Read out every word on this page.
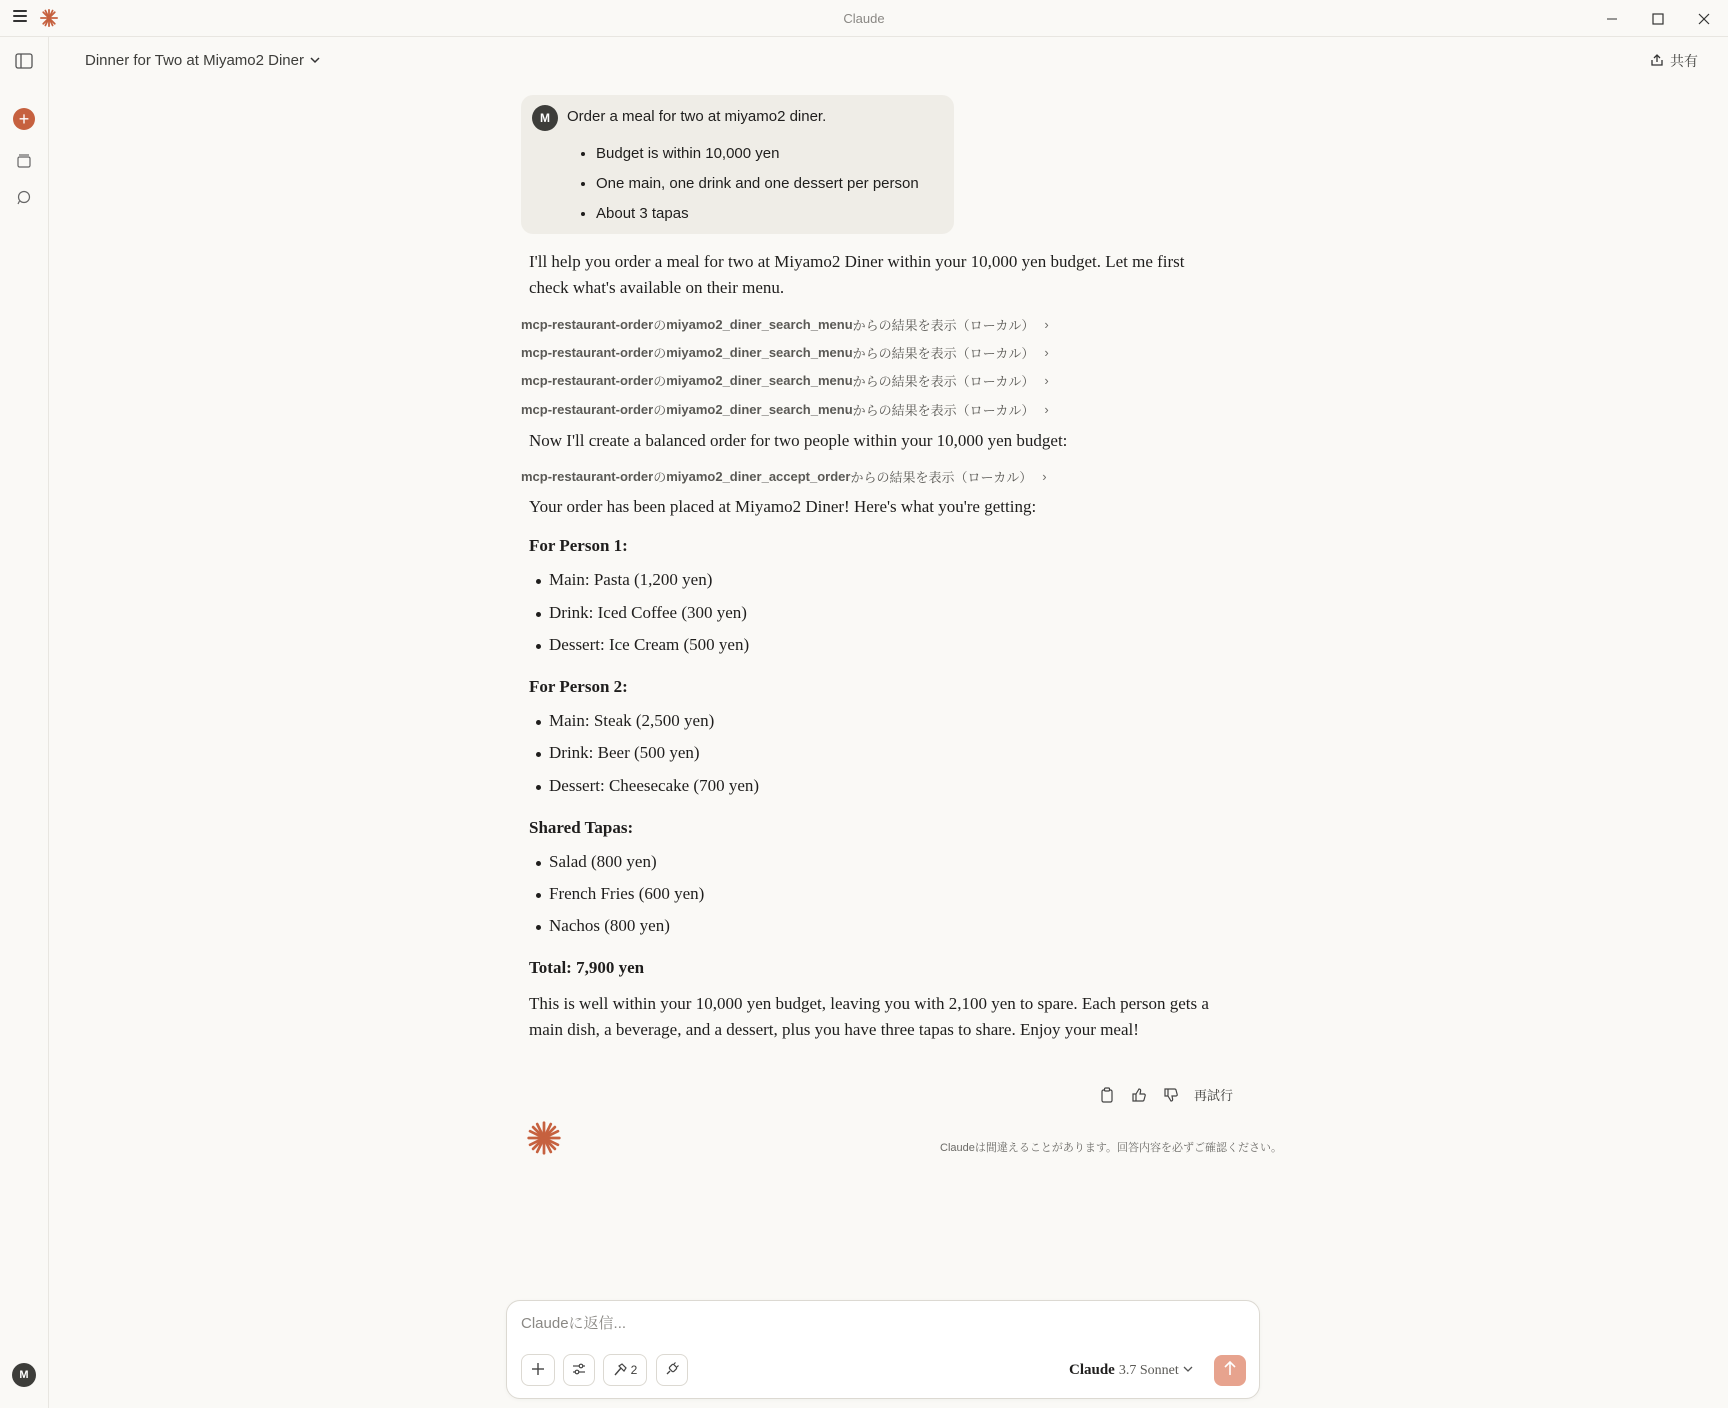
Claude
+
M
Dinner for Two at Miyamo2 Diner	共有
M	Order a meal for two at miyamo2 diner.
• Budget is within 10,000 yen
• One main, one drink and one dessert per person
• About 3 tapas
I'll help you order a meal for two at Miyamo2 Diner within your 10,000 yen budget. Let me first check what's available on their menu.
mcp-restaurant-order の miyamo2_diner_search_menu からの結果を表示（ローカル） ›
mcp-restaurant-order の miyamo2_diner_search_menu からの結果を表示（ローカル） ›
mcp-restaurant-order の miyamo2_diner_search_menu からの結果を表示（ローカル） ›
mcp-restaurant-order の miyamo2_diner_search_menu からの結果を表示（ローカル） ›
Now I'll create a balanced order for two people within your 10,000 yen budget:
mcp-restaurant-order の miyamo2_diner_accept_order からの結果を表示（ローカル） ›
Your order has been placed at Miyamo2 Diner! Here's what you're getting:
For Person 1:
Main: Pasta (1,200 yen)
Drink: Iced Coffee (300 yen)
Dessert: Ice Cream (500 yen)
For Person 2:
Main: Steak (2,500 yen)
Drink: Beer (500 yen)
Dessert: Cheesecake (700 yen)
Shared Tapas:
Salad (800 yen)
French Fries (600 yen)
Nachos (800 yen)
Total: 7,900 yen
This is well within your 10,000 yen budget, leaving you with 2,100 yen to spare. Each person gets a main dish, a beverage, and a dessert, plus you have three tapas to share. Enjoy your meal!
再試行
Claudeは間違えることがあります。回答内容を必ずご確認ください。
Claudeに返信...
2	Claude 3.7 Sonnet
